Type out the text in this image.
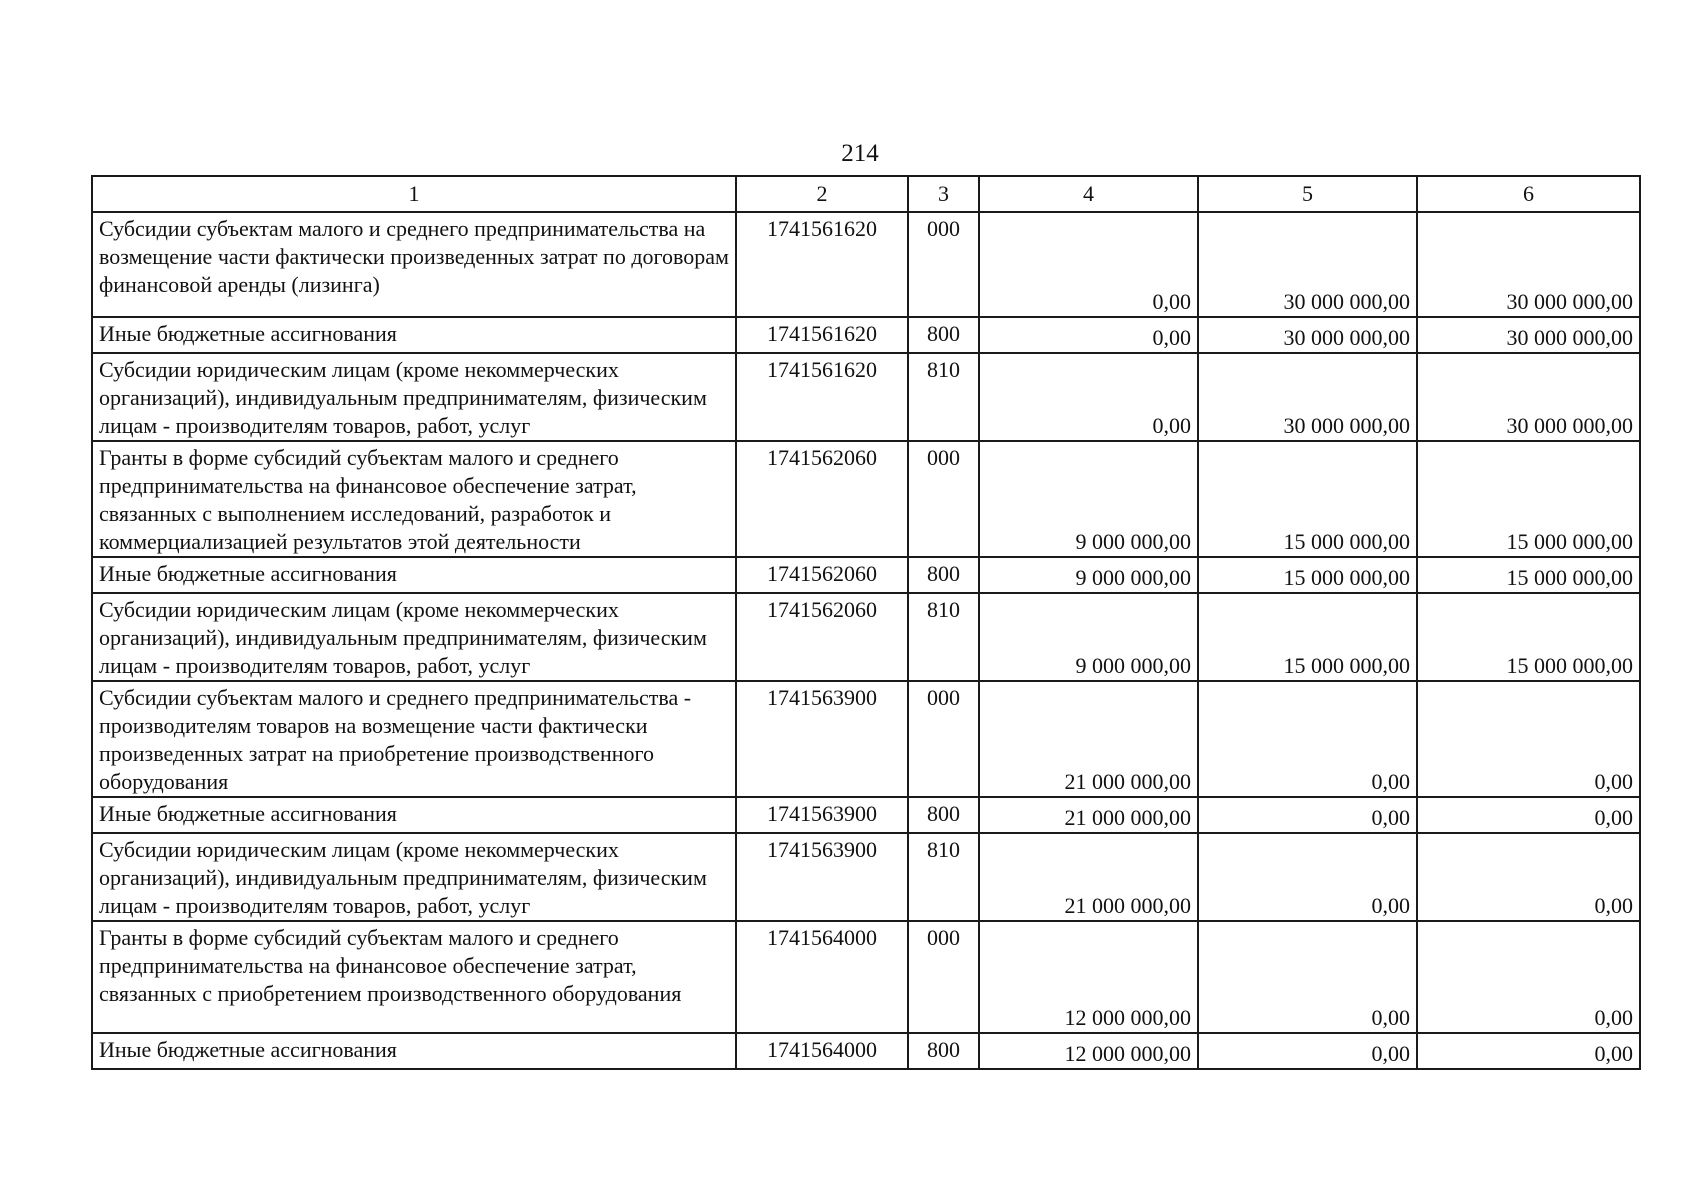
214
1	2	3	4	5	6
Субсидии субъектам малого и среднего предпринимательства на возмещение части фактически произведенных затрат по договорам финансовой аренды (лизинга)	1741561620	000	0,00	30 000 000,00	30 000 000,00
Иные бюджетные ассигнования	1741561620	800	0,00	30 000 000,00	30 000 000,00
Субсидии юридическим лицам (кроме некоммерческих организаций), индивидуальным предпринимателям, физическим лицам - производителям товаров, работ, услуг	1741561620	810	0,00	30 000 000,00	30 000 000,00
Гранты в форме субсидий субъектам малого и среднего предпринимательства на финансовое обеспечение затрат, связанных с выполнением исследований, разработок и коммерциализацией результатов этой деятельности	1741562060	000	9 000 000,00	15 000 000,00	15 000 000,00
Иные бюджетные ассигнования	1741562060	800	9 000 000,00	15 000 000,00	15 000 000,00
Субсидии юридическим лицам (кроме некоммерческих организаций), индивидуальным предпринимателям, физическим лицам - производителям товаров, работ, услуг	1741562060	810	9 000 000,00	15 000 000,00	15 000 000,00
Субсидии субъектам малого и среднего предпринимательства - производителям товаров на возмещение части фактически произведенных затрат на приобретение производственного оборудования	1741563900	000	21 000 000,00	0,00	0,00
Иные бюджетные ассигнования	1741563900	800	21 000 000,00	0,00	0,00
Субсидии юридическим лицам (кроме некоммерческих организаций), индивидуальным предпринимателям, физическим лицам - производителям товаров, работ, услуг	1741563900	810	21 000 000,00	0,00	0,00
Гранты в форме субсидий субъектам малого и среднего предпринимательства на финансовое обеспечение затрат, связанных с приобретением производственного оборудования	1741564000	000	12 000 000,00	0,00	0,00
Иные бюджетные ассигнования	1741564000	800	12 000 000,00	0,00	0,00
